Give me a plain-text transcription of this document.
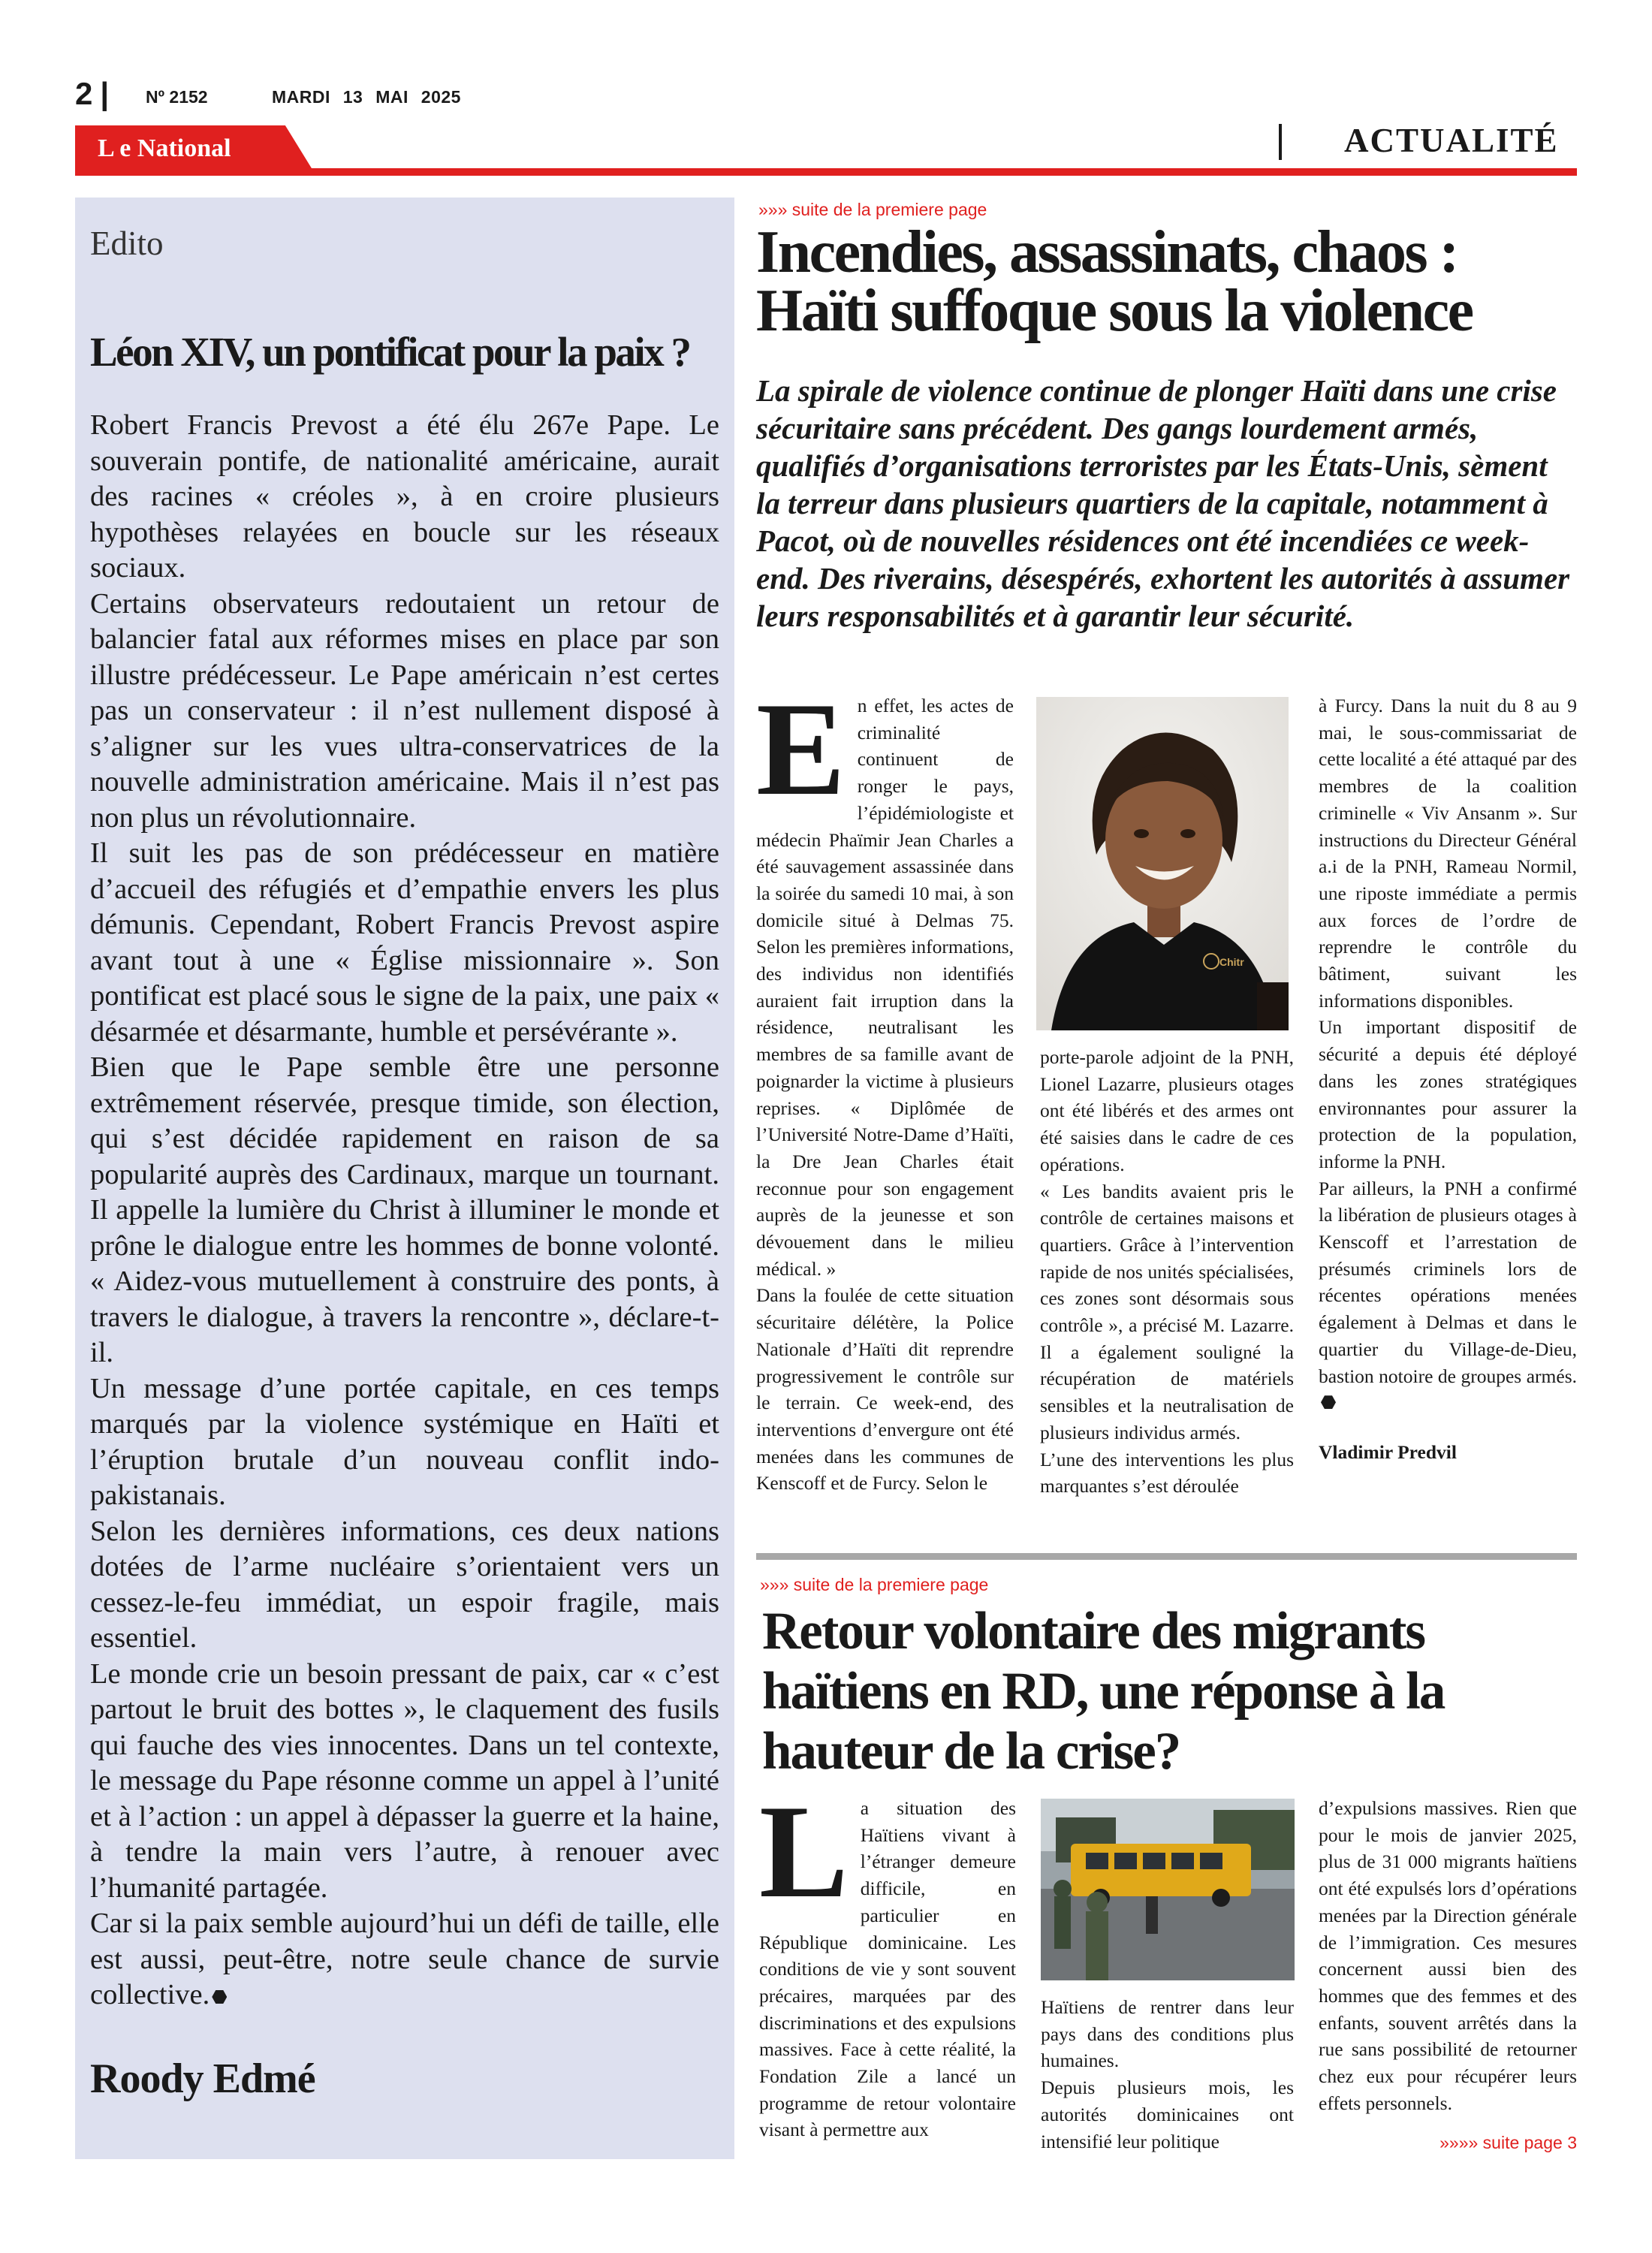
2 | Nº 2152	MARDI 13 MAI 2025
L e National	ACTUALITÉ
Edito
Léon XIV, un pontificat pour la paix ?

Robert Francis Prevost a été élu 267e Pape. Le souverain pontife, de nationalité américaine, aurait des racines « créoles », à en croire plusieurs hypothèses relayées en boucle sur les réseaux sociaux.

Certains observateurs redoutaient un retour de balancier fatal aux réformes mises en place par son illustre prédécesseur. Le Pape américain n’est certes pas un conservateur : il n’est nullement disposé à s’aligner sur les vues ultra-conservatrices de la nouvelle administration américaine. Mais il n’est pas non plus un révolutionnaire.

Il suit les pas de son prédécesseur en matière d’accueil des réfugiés et d’empathie envers les plus démunis. Cependant, Robert Francis Prevost aspire avant tout à une « Église missionnaire ». Son pontificat est placé sous le signe de la paix, une paix « désarmée et désarmante, humble et persévérante ».

Bien que le Pape semble être une personne extrêmement réservée, presque timide, son élection, qui s’est décidée rapidement en raison de sa popularité auprès des Cardinaux, marque un tournant. Il appelle la lumière du Christ à illuminer le monde et prône le dialogue entre les hommes de bonne volonté. « Aidez-vous mutuellement à construire des ponts, à travers le dialogue, à travers la rencontre », déclare-t-il.

Un message d’une portée capitale, en ces temps marqués par la violence systémique en Haïti et l’éruption brutale d’un nouveau conflit indo-pakistanais.

Selon les dernières informations, ces deux nations dotées de l’arme nucléaire s’orientaient vers un cessez-le-feu immédiat, un espoir fragile, mais essentiel.

Le monde crie un besoin pressant de paix, car « c’est partout le bruit des bottes », le claquement des fusils qui fauche des vies innocentes. Dans un tel contexte, le message du Pape résonne comme un appel à l’unité et à l’action : un appel à dépasser la guerre et la haine, à tendre la main vers l’autre, à renouer avec l’humanité partagée.

Car si la paix semble aujourd’hui un défi de taille, elle est aussi, peut-être, notre seule chance de survie collective.

Roody Edmé
»»» suite de la premiere page
Incendies, assassinats, chaos :
Haïti suffoque sous la violence
La spirale de violence continue de plonger Haïti dans une crise sécuritaire sans précédent. Des gangs lourdement armés, qualifiés d’organisations terroristes par les États-Unis, sèment la terreur dans plusieurs quartiers de la capitale, notamment à Pacot, où de nouvelles résidences ont été incendiées ce week-end. Des riverains, désespérés, exhortent les autorités à assumer leurs responsabilités et à garantir leur sécurité.

En effet, les actes de criminalité continuent de ronger le pays, l’épidémiologiste et médecin Phaïmir Jean Charles a été sauvagement assassinée dans la soirée du samedi 10 mai, à son domicile situé à Delmas 75. Selon les premières informations, des individus non identifiés auraient fait irruption dans la résidence, neutralisant les membres de sa famille avant de poignarder la victime à plusieurs reprises. « Diplômée de l’Université Notre-Dame d’Haïti, la Dre Jean Charles était reconnue pour son engagement auprès de la jeunesse et son dévouement dans le milieu médical. »

Dans la foulée de cette situation sécuritaire délétère, la Police Nationale d’Haïti dit reprendre progressivement le contrôle sur le terrain. Ce week-end, des interventions d’envergure ont été menées dans les communes de Kenscoff et de Furcy. Selon le

Chitr

porte-parole adjoint de la PNH, Lionel Lazarre, plusieurs otages ont été libérés et des armes ont été saisies dans le cadre de ces opérations.

« Les bandits avaient pris le contrôle de certaines maisons et quartiers. Grâce à l’intervention rapide de nos unités spécialisées, ces zones sont désormais sous contrôle », a précisé M. Lazarre. Il a également souligné la récupération de matériels sensibles et la neutralisation de plusieurs individus armés.

L’une des interventions les plus marquantes s’est déroulée

à Furcy. Dans la nuit du 8 au 9 mai, le sous-commissariat de cette localité a été attaqué par des membres de la coalition criminelle « Viv Ansanm ». Sur instructions du Directeur Général a.i de la PNH, Rameau Normil, une riposte immédiate a permis aux forces de l’ordre de reprendre le contrôle du bâtiment, suivant les informations disponibles.

Un important dispositif de sécurité a depuis été déployé dans les zones stratégiques environnantes pour assurer la protection de la population, informe la PNH.

Par ailleurs, la PNH a confirmé la libération de plusieurs otages à Kenscoff et l’arrestation de présumés criminels lors de récentes opérations menées également à Delmas et dans le quartier du Village-de-Dieu, bastion notoire de groupes armés.

Vladimir Predvil

»»» suite de la premiere page
Retour volontaire des migrants
haïtiens en RD, une réponse à la
hauteur de la crise?

La situation des Haïtiens vivant à l’étranger demeure difficile, en particulier en République dominicaine. Les conditions de vie y sont souvent précaires, marquées par des discriminations et des expulsions massives. Face à cette réalité, la Fondation Zile a lancé un programme de retour volontaire visant à permettre aux

Haïtiens de rentrer dans leur pays dans des conditions plus humaines.

Depuis plusieurs mois, les autorités dominicaines ont intensifié leur politique

d’expulsions massives. Rien que pour le mois de janvier 2025, plus de 31 000 migrants haïtiens ont été expulsés lors d’opérations menées par la Direction générale de l’immigration. Ces mesures concernent aussi bien des hommes que des femmes et des enfants, souvent arrêtés dans la rue sans possibilité de retourner chez eux pour récupérer leurs effets personnels.

»»»» suite page 3
